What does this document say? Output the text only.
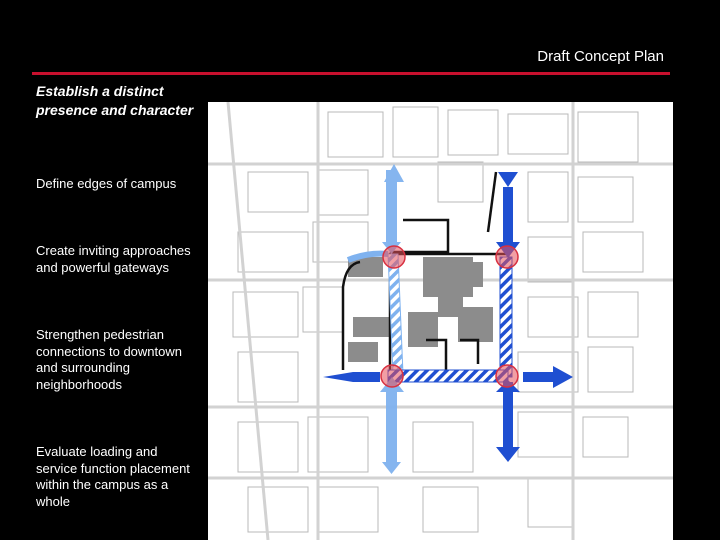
Draft Concept Plan

Establish a distinct presence and character

Define edges of campus
Create inviting approaches and powerful gateways
Strengthen pedestrian connections to downtown and surrounding neighborhoods
Evaluate loading and service function placement within the campus as a whole
